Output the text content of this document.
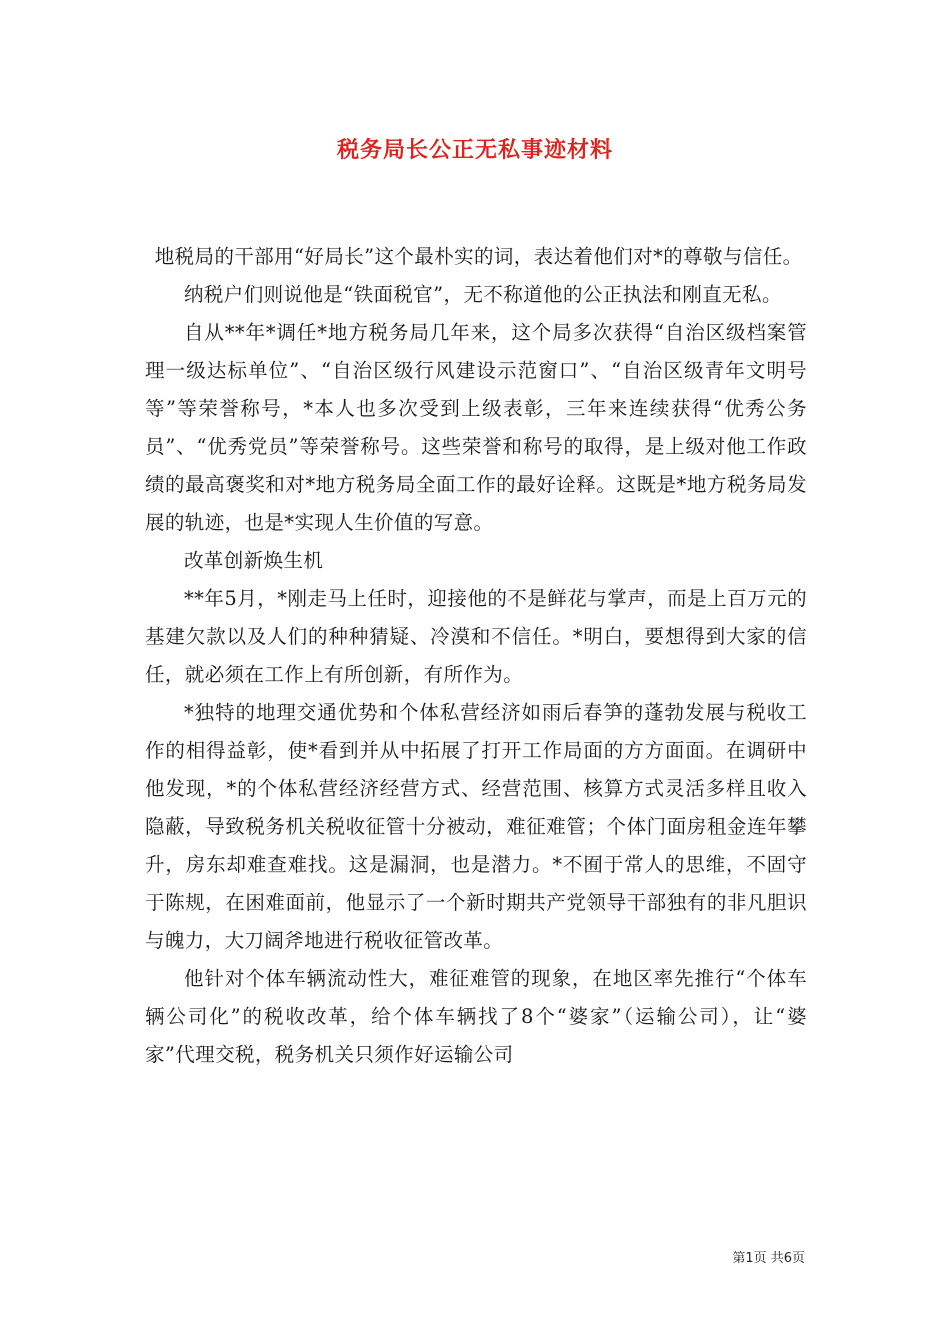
税务局长公正无私事迹材料

地税局的干部用“好局长”这个最朴实的词，表达着他们对*的尊敬与信任。

纳税户们则说他是“铁面税官”，无不称道他的公正执法和刚直无私。

自从**年*调任*地方税务局几年来，这个局多次获得“自治区级档案管理一级达标单位”、“自治区级行风建设示范窗口”、“自治区级青年文明号等”等荣誉称号，*本人也多次受到上级表彰，三年来连续获得“优秀公务员”、“优秀党员”等荣誉称号。这些荣誉和称号的取得，是上级对他工作政绩的最高褒奖和对*地方税务局全面工作的最好诠释。这既是*地方税务局发展的轨迹，也是*实现人生价值的写意。

改革创新焕生机

**年5月，*刚走马上任时，迎接他的不是鲜花与掌声，而是上百万元的基建欠款以及人们的种种猜疑、冷漠和不信任。*明白，要想得到大家的信任，就必须在工作上有所创新，有所作为。

*独特的地理交通优势和个体私营经济如雨后春笋的蓬勃发展与税收工作的相得益彰，使*看到并从中拓展了打开工作局面的方方面面。在调研中他发现，*的个体私营经济经营方式、经营范围、核算方式灵活多样且收入隐蔽，导致税务机关税收征管十分被动，难征难管；个体门面房租金连年攀升，房东却难查难找。这是漏洞，也是潜力。*不囿于常人的思维，不固守于陈规，在困难面前，他显示了一个新时期共产党领导干部独有的非凡胆识与魄力，大刀阔斧地进行税收征管改革。

他针对个体车辆流动性大，难征难管的现象，在地区率先推行“个体车辆公司化”的税收改革，给个体车辆找了8个“婆家”（运输公司），让“婆家”代理交税，税务机关只须作好运输公司

第1页 共6页
